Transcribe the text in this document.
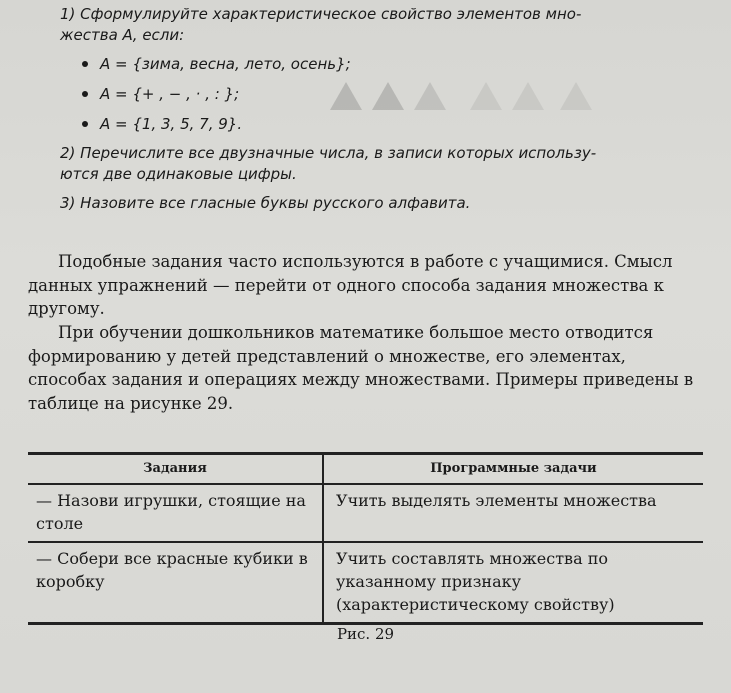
1) Сформулируйте характеристическое свойство элементов мно-

жества А, если:

A = {зима, весна, лето, осень};
A = {+ , − , · , : };
A = {1, 3, 5, 7, 9}.

2) Перечислите все двузначные числа, в записи которых использу-

ются две одинаковые цифры.

3) Назовите все гласные буквы русского алфавита.

Подобные задания часто используются в работе с учащимися. Смысл данных упражнений — перейти от одного способа задания множества к другому.

При обучении дошкольников математике большое место отводится формированию у детей представлений о множестве, его элементах, способах задания и операциях между множествами. Примеры приведены в таблице на рисунке 29.

Задания	Программные задачи
— Назови игрушки, стоящие на столе	Учить выделять элементы множества
— Собери все красные кубики в коробку	Учить составлять множества по указанному признаку (характеристическому свойству)
Рис. 29
